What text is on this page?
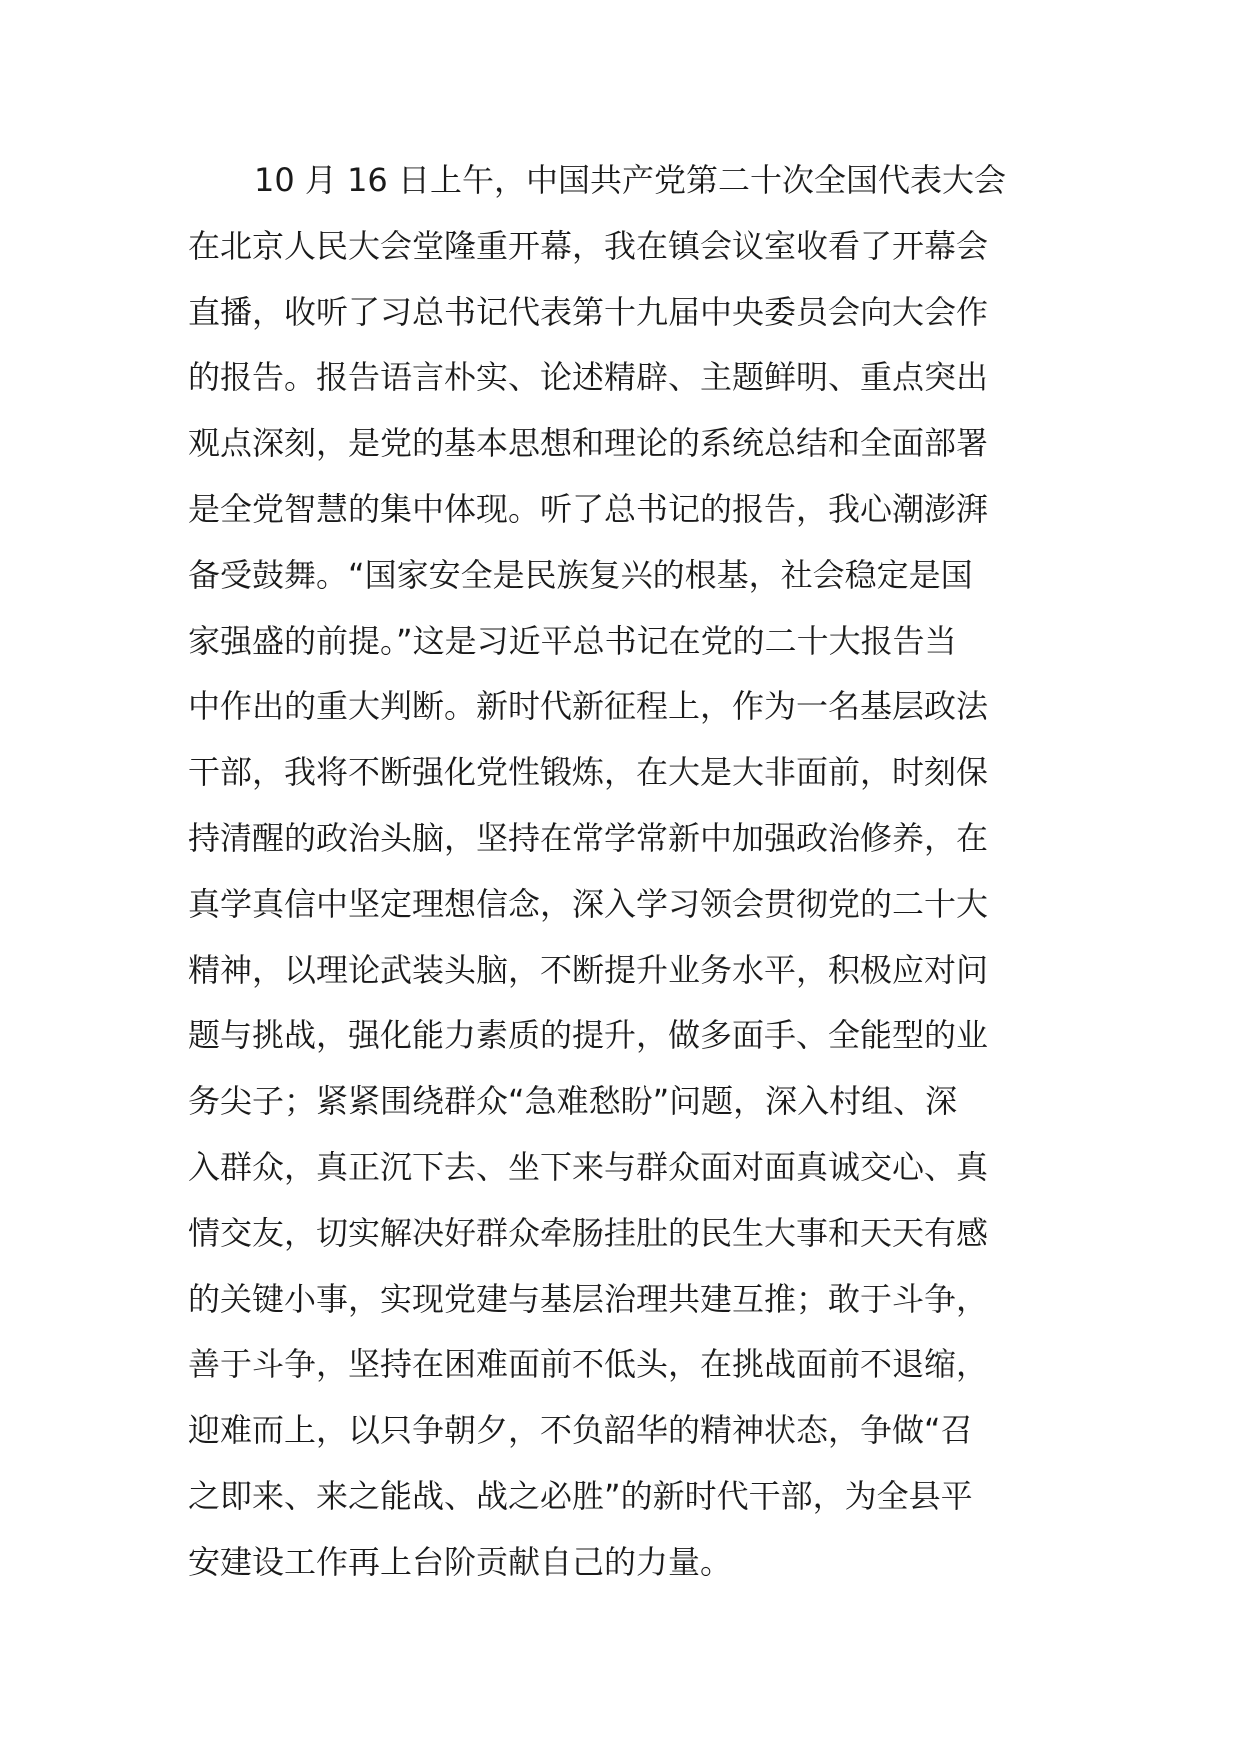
10 月 16 日上午，中国共产党第二十次全国代表大会
在北京人民大会堂隆重开幕，我在镇会议室收看了开幕会
直播，收听了习总书记代表第十九届中央委员会向大会作
的报告。报告语言朴实、论述精辟、主题鲜明、重点突出
观点深刻，是党的基本思想和理论的系统总结和全面部署
是全党智慧的集中体现。听了总书记的报告，我心潮澎湃
备受鼓舞。“国家安全是民族复兴的根基，社会稳定是国
家强盛的前提。”这是习近平总书记在党的二十大报告当
中作出的重大判断。新时代新征程上，作为一名基层政法
干部，我将不断强化党性锻炼，在大是大非面前，时刻保
持清醒的政治头脑，坚持在常学常新中加强政治修养，在
真学真信中坚定理想信念，深入学习领会贯彻党的二十大
精神，以理论武装头脑，不断提升业务水平，积极应对问
题与挑战，强化能力素质的提升，做多面手、全能型的业
务尖子；紧紧围绕群众“急难愁盼”问题，深入村组、深
入群众，真正沉下去、坐下来与群众面对面真诚交心、真
情交友，切实解决好群众牵肠挂肚的民生大事和天天有感
的关键小事，实现党建与基层治理共建互推；敢于斗争，
善于斗争，坚持在困难面前不低头，在挑战面前不退缩，
迎难而上，以只争朝夕，不负韶华的精神状态，争做“召
之即来、来之能战、战之必胜”的新时代干部，为全县平
安建设工作再上台阶贡献自己的力量。
